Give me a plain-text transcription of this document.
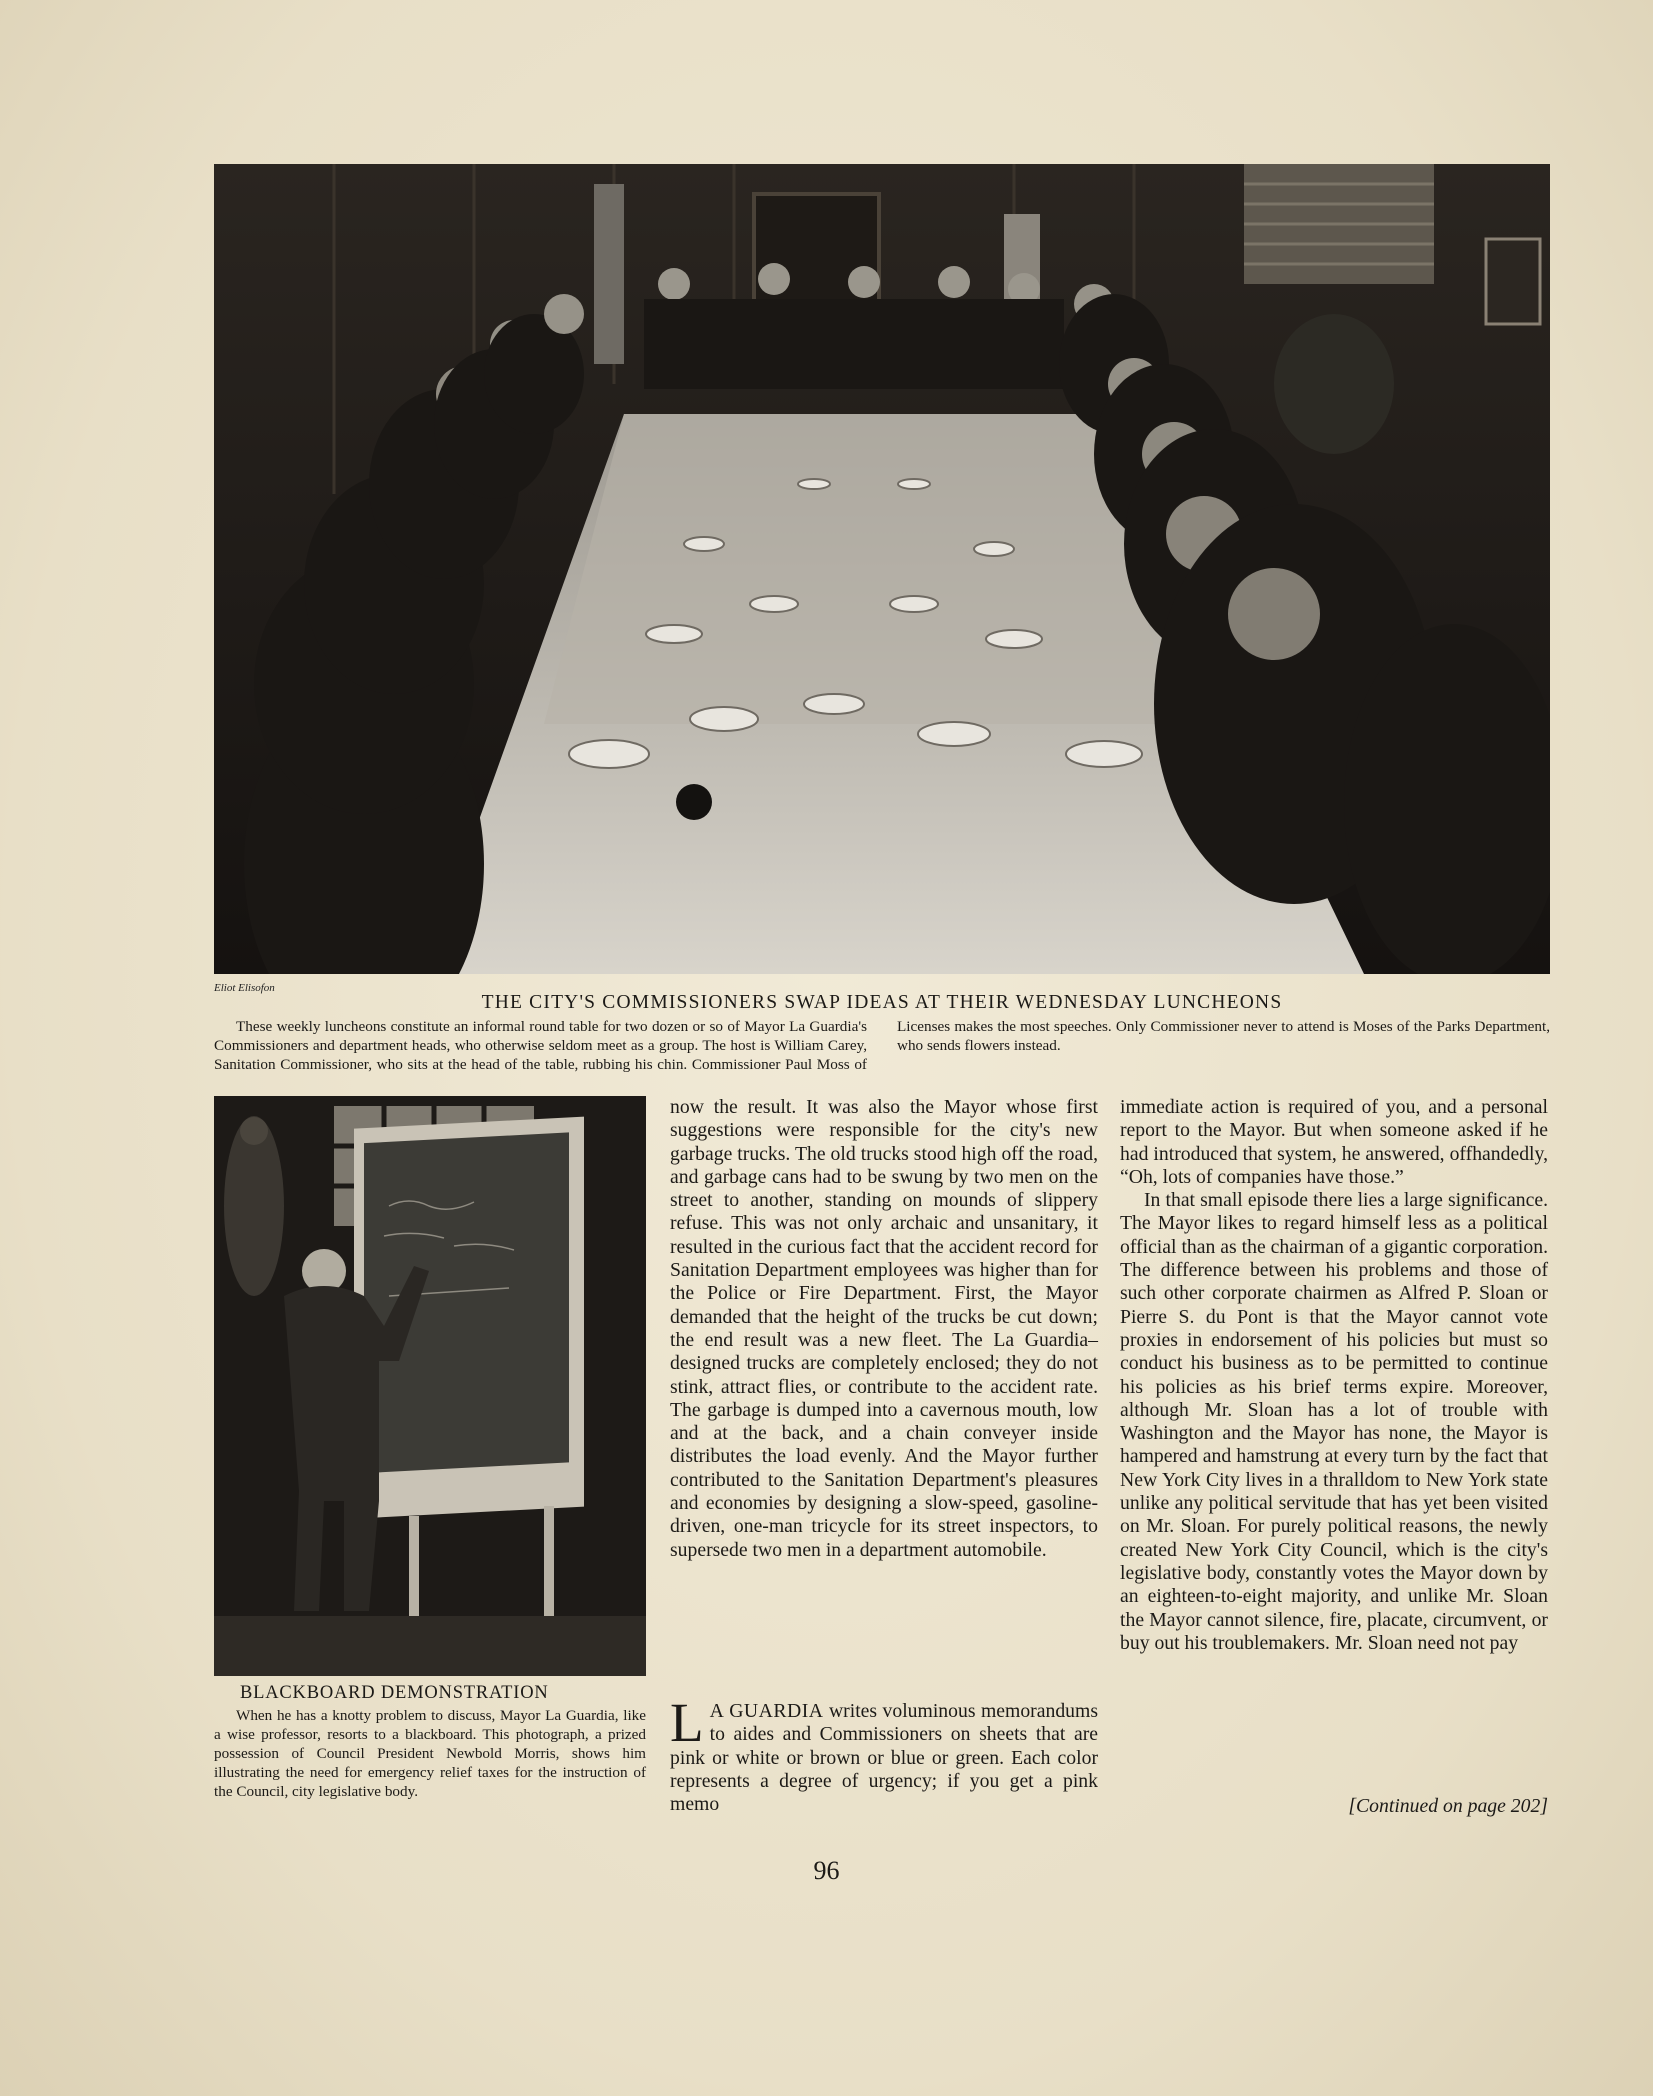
Eliot Elisofon
THE CITY'S COMMISSIONERS SWAP IDEAS AT THEIR WEDNESDAY LUNCHEONS

These weekly luncheons constitute an informal round table for two dozen or so of Mayor La Guardia's Commissioners and department heads, who otherwise seldom meet as a group. The host is William Carey, Sanitation Commissioner, who sits at the head of the table, rubbing his chin. Commissioner Paul Moss of Licenses makes the most speeches. Only Commissioner never to attend is Moses of the Parks Department, who sends flowers instead.

BLACKBOARD DEMONSTRATION

When he has a knotty problem to discuss, Mayor La Guardia, like a wise professor, resorts to a blackboard. This photograph, a prized possession of Council President Newbold Morris, shows him illustrating the need for emergency relief taxes for the instruction of the Council, city legislative body.

now the result. It was also the Mayor whose first suggestions were responsible for the city's new garbage trucks. The old trucks stood high off the road, and garbage cans had to be swung by two men on the street to another, standing on mounds of slippery refuse. This was not only archaic and unsanitary, it resulted in the curious fact that the accident record for Sanitation Department employees was higher than for the Police or Fire Department. First, the Mayor demanded that the height of the trucks be cut down; the end result was a new fleet. The La Guardia–designed trucks are completely enclosed; they do not stink, attract flies, or contribute to the accident rate. The garbage is dumped into a cavernous mouth, low and at the back, and a chain conveyer inside distributes the load evenly. And the Mayor further contributed to the Sanitation Department's pleasures and economies by designing a slow-speed, gasoline-driven, one-man tricycle for its street inspectors, to supersede two men in a department automobile.

L A GUARDIA writes voluminous memorandums to aides and Commissioners on sheets that are pink or white or brown or blue or green. Each color represents a degree of urgency; if you get a pink memo

immediate action is required of you, and a personal report to the Mayor. But when someone asked if he had introduced that system, he answered, offhandedly, “Oh, lots of companies have those.”

In that small episode there lies a large significance. The Mayor likes to regard himself less as a political official than as the chairman of a gigantic corporation. The difference between his problems and those of such other corporate chairmen as Alfred P. Sloan or Pierre S. du Pont is that the Mayor cannot vote proxies in endorsement of his policies but must so conduct his business as to be permitted to continue his policies as his brief terms expire. Moreover, although Mr. Sloan has a lot of trouble with Washington and the Mayor has none, the Mayor is hampered and hamstrung at every turn by the fact that New York City lives in a thralldom to New York state unlike any political servitude that has yet been visited on Mr. Sloan. For purely political reasons, the newly created New York City Council, which is the city's legislative body, constantly votes the Mayor down by an eighteen-to-eight majority, and unlike Mr. Sloan the Mayor cannot silence, fire, placate, circumvent, or buy out his troublemakers. Mr. Sloan need not pay

[Continued on page 202]
96
